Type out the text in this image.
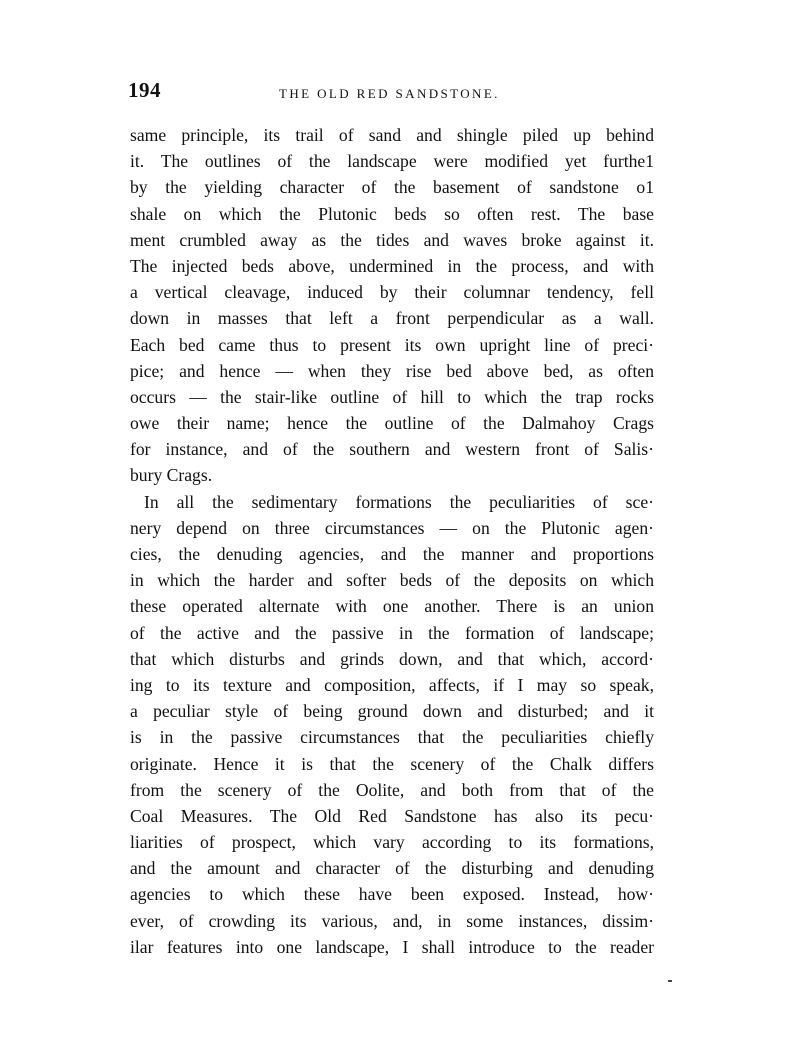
194	THE OLD RED SANDSTONE.
same principle, its trail of sand and shingle piled up behind
it. The outlines of the landscape were modified yet furthe1
by the yielding character of the basement of sandstone o1
shale on which the Plutonic beds so often rest. The base
ment crumbled away as the tides and waves broke against it.
The injected beds above, undermined in the process, and with
a vertical cleavage, induced by their columnar tendency, fell
down in masses that left a front perpendicular as a wall.
Each bed came thus to present its own upright line of preci·
pice; and hence — when they rise bed above bed, as often
occurs — the stair-like outline of hill to which the trap rocks
owe their name; hence the outline of the Dalmahoy Crags
for instance, and of the southern and western front of Salis·
bury Crags.
In all the sedimentary formations the peculiarities of sce·
nery depend on three circumstances — on the Plutonic agen·
cies, the denuding agencies, and the manner and proportions
in which the harder and softer beds of the deposits on which
these operated alternate with one another. There is an union
of the active and the passive in the formation of landscape;
that which disturbs and grinds down, and that which, accord·
ing to its texture and composition, affects, if I may so speak,
a peculiar style of being ground down and disturbed; and it
is in the passive circumstances that the peculiarities chiefly
originate. Hence it is that the scenery of the Chalk differs
from the scenery of the Oolite, and both from that of the
Coal Measures. The Old Red Sandstone has also its pecu·
liarities of prospect, which vary according to its formations,
and the amount and character of the disturbing and denuding
agencies to which these have been exposed. Instead, how·
ever, of crowding its various, and, in some instances, dissim·
ilar features into one landscape, I shall introduce to the reader
